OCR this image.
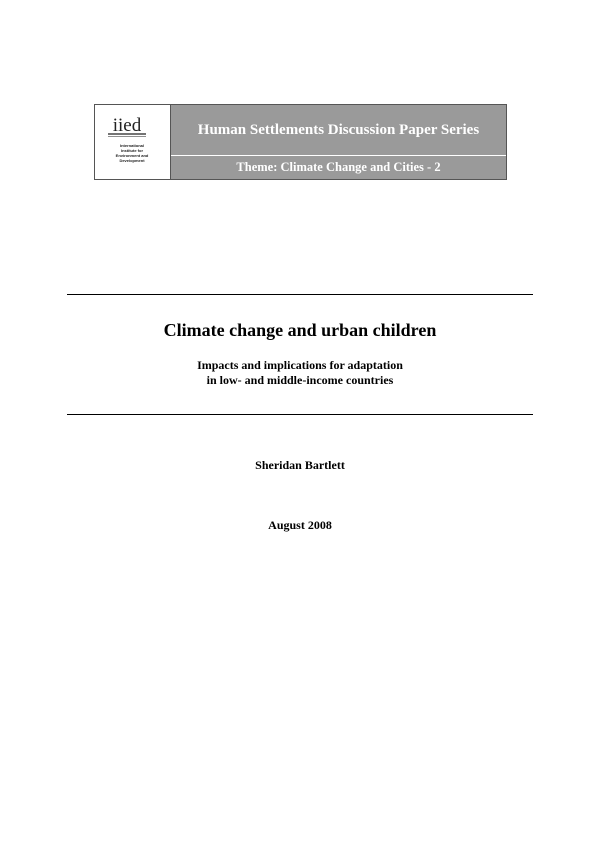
iied
International
Institute for
Environment and
Development
Human Settlements Discussion Paper Series
Theme: Climate Change and Cities - 2
Climate change and urban children
Impacts and implications for adaptation
in low- and middle-income countries
Sheridan Bartlett
August 2008
